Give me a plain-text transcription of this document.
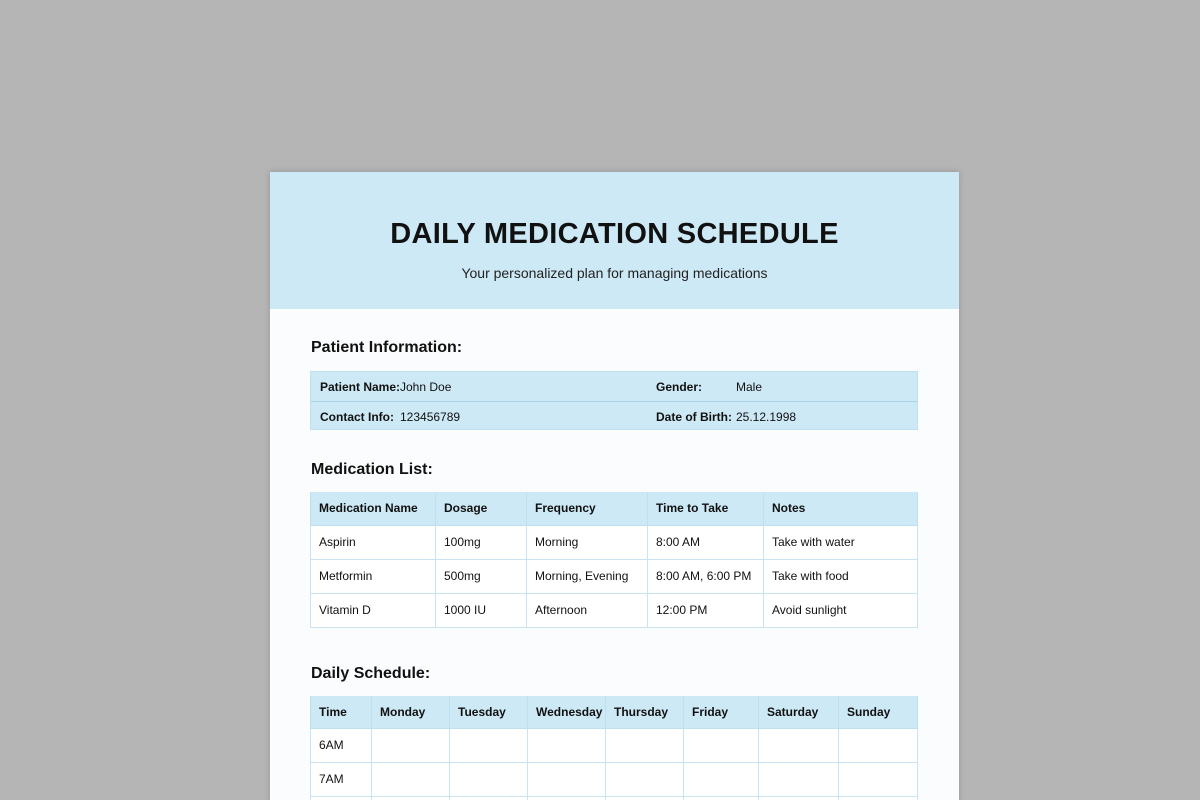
DAILY MEDICATION SCHEDULE
Your personalized plan for managing medications
Patient Information:
Patient Name: John Doe	Gender:	Male
Contact Info: 123456789	Date of Birth: 25.12.1998
Medication List:
Medication Name	Dosage	Frequency	Time to Take	Notes
Aspirin	100mg	Morning	8:00 AM	Take with water
Metformin	500mg	Morning, Evening	8:00 AM, 6:00 PM	Take with food
Vitamin D	1000 IU	Afternoon	12:00 PM	Avoid sunlight
Daily Schedule:
Time	Monday	Tuesday	Wednesday	Thursday	Friday	Saturday	Sunday
6AM							
7AM							
